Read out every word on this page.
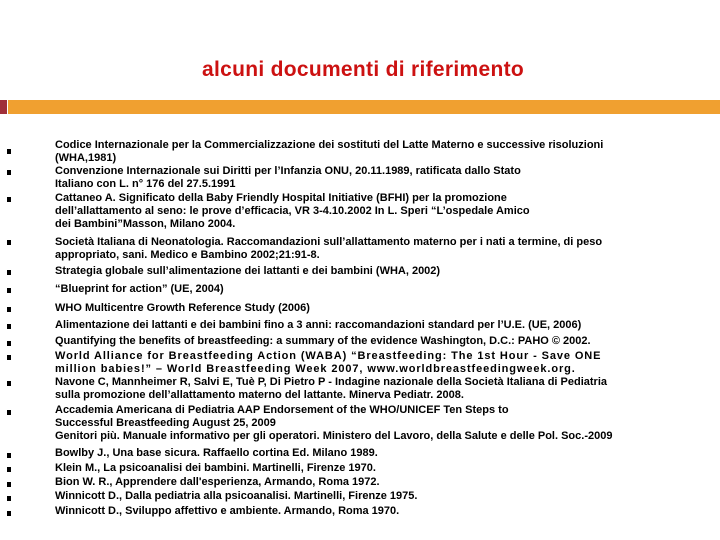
alcuni documenti di riferimento
Codice Internazionale per la Commercializzazione dei sostituti del Latte Materno e successive risoluzioni
(WHA,1981)
Convenzione Internazionale sui Diritti per l’Infanzia ONU, 20.11.1989, ratificata dallo Stato
Italiano con L. n° 176 del 27.5.1991
Cattaneo A. Significato della Baby Friendly Hospital Initiative (BFHI) per la promozione
dell’allattamento al seno: le prove d’efficacia, VR 3-4.10.2002 In L. Speri “L’ospedale Amico
dei Bambini”Masson, Milano 2004.
Società Italiana di Neonatologia. Raccomandazioni sull’allattamento materno per i nati a termine, di peso
appropriato, sani. Medico e Bambino 2002;21:91-8.
Strategia globale sull’alimentazione dei lattanti e dei bambini (WHA, 2002)
“Blueprint for action” (UE, 2004)
WHO Multicentre Growth Reference Study (2006)
Alimentazione dei lattanti e dei bambini fino a 3 anni: raccomandazioni standard per l’U.E. (UE, 2006)
Quantifying the benefits of breastfeeding: a summary of the evidence Washington, D.C.: PAHO © 2002.
World Alliance for Breastfeeding Action (WABA) “Breastfeeding: The 1st Hour - Save ONE
million babies!” – World Breastfeeding Week 2007, www.worldbreastfeedingweek.org.
Navone C, Mannheimer R, Salvi E, Tuè P, Di Pietro P - Indagine nazionale della Società Italiana di Pediatria
sulla promozione dell’allattamento materno del lattante. Minerva Pediatr. 2008.
Accademia Americana di Pediatria AAP Endorsement of the WHO/UNICEF Ten Steps to
Successful Breastfeeding August 25, 2009
Genitori più. Manuale informativo per gli operatori. Ministero del Lavoro, della Salute e delle Pol. Soc.-2009
Bowlby J., Una base sicura. Raffaello cortina Ed. Milano 1989.
Klein M., La psicoanalisi dei bambini. Martinelli, Firenze 1970.
Bion W. R., Apprendere dall'esperienza, Armando, Roma 1972.
Winnicott D., Dalla pediatria alla psicoanalisi. Martinelli, Firenze 1975.
Winnicott D., Sviluppo affettivo e ambiente. Armando, Roma 1970.
